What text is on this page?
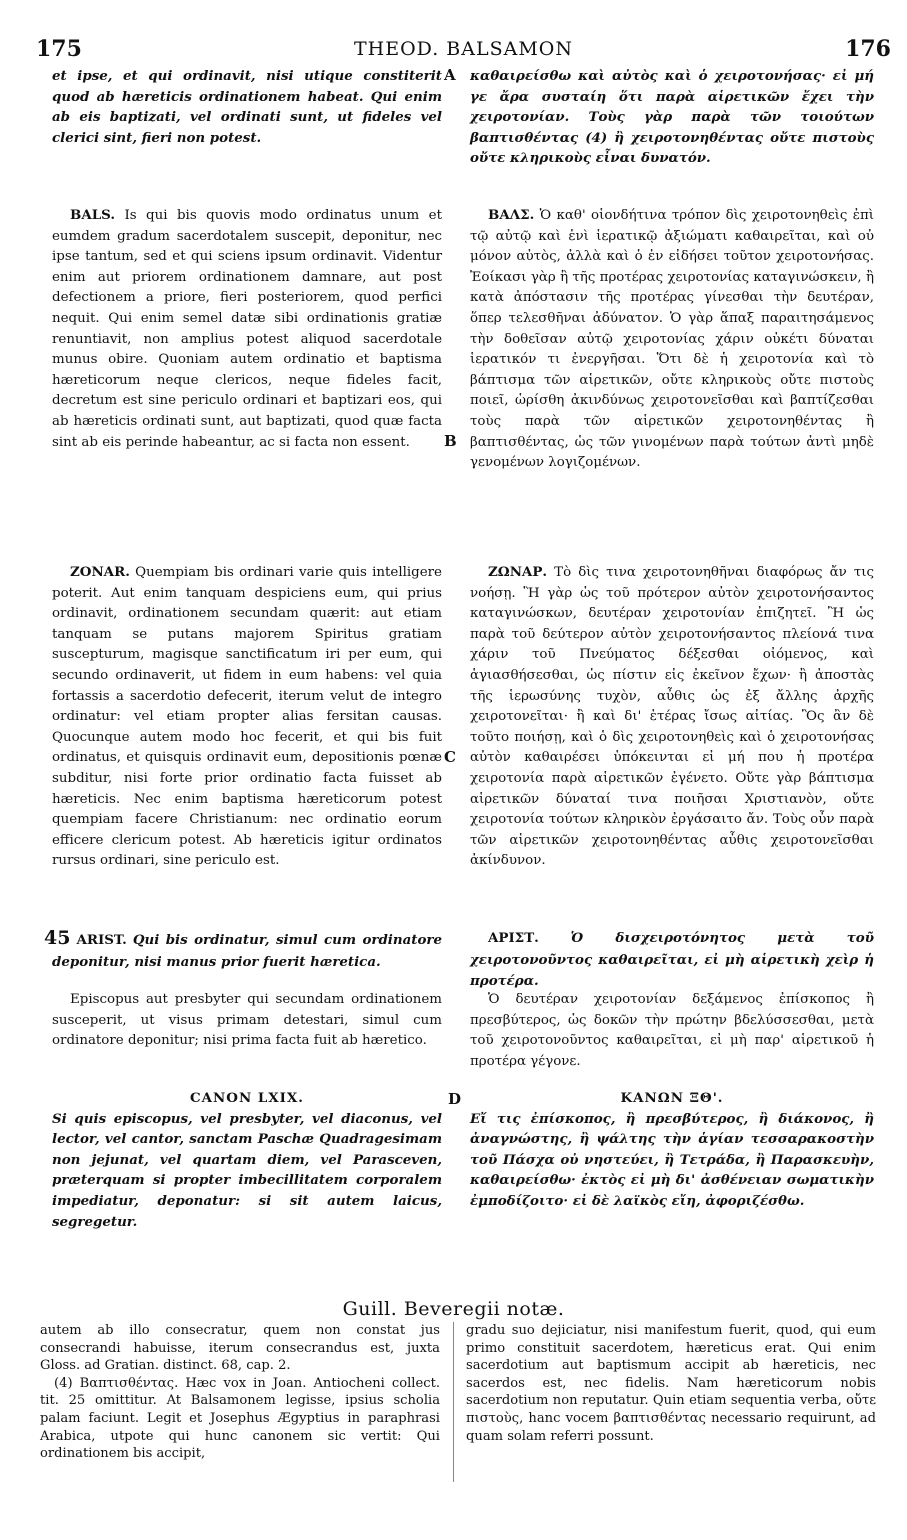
175	THEOD. BALSAMON	176
A
B
C
D

et ipse, et qui ordinavit, nisi utique constiterit quod ab hæreticis ordinationem habeat. Qui enim ab eis baptizati, vel ordinati sunt, ut fideles vel clerici sint, fieri non potest.

BALS. Is qui bis quovis modo ordinatus unum et eumdem gradum sacerdotalem suscepit, deponitur, nec ipse tantum, sed et qui sciens ipsum ordinavit. Videntur enim aut priorem ordinationem damnare, aut post defectionem a priore, fieri posteriorem, quod perfici nequit. Qui enim semel datæ sibi ordinationis gratiæ renuntiavit, non amplius potest aliquod sacerdotale munus obire. Quoniam autem ordinatio et baptisma hæreticorum neque clericos, neque fideles facit, decretum est sine periculo ordinari et baptizari eos, qui ab hæreticis ordinati sunt, aut baptizati, quod quæ facta sint ab eis perinde habeantur, ac si facta non essent.

ZONAR. Quempiam bis ordinari varie quis intelligere poterit. Aut enim tanquam despiciens eum, qui prius ordinavit, ordinationem secundam quærit: aut etiam tanquam se putans majorem Spiritus gratiam suscepturum, magisque sanctificatum iri per eum, qui secundo ordinaverit, ut fidem in eum habens: vel quia fortassis a sacerdotio defecerit, iterum velut de integro ordinatur: vel etiam propter alias fersitan causas. Quocunque autem modo hoc fecerit, et qui bis fuit ordinatus, et quisquis ordinavit eum, depositionis pœnæ subditur, nisi forte prior ordinatio facta fuisset ab hæreticis. Nec enim baptisma hæreticorum potest quempiam facere Christianum: nec ordinatio eorum efficere clericum potest. Ab hæreticis igitur ordinatos rursus ordinari, sine periculo est.

45 ARIST. Qui bis ordinatur, simul cum ordinatore deponitur, nisi manus prior fuerit hæretica.

Episcopus aut presbyter qui secundam ordinationem susceperit, ut visus primam detestari, simul cum ordinatore deponitur; nisi prima facta fuit ab hæretico.

CANON LXIX.

Si quis episcopus, vel presbyter, vel diaconus, vel lector, vel cantor, sanctam Paschæ Quadragesimam non jejunat, vel quartam diem, vel Parasceven, præterquam si propter imbecillitatem corporalem impediatur, deponatur: si sit autem laicus, segregetur.

καθαιρείσθω καὶ αὐτὸς καὶ ὁ χειροτονήσας· εἰ μή γε ἄρα συσταίη ὅτι παρὰ αἱρετικῶν ἔχει τὴν χειροτονίαν. Τοὺς γὰρ παρὰ τῶν τοιούτων βαπτισθέντας (4) ἢ χειροτονηθέντας οὔτε πιστοὺς οὔτε κληρικοὺς εἶναι δυνατόν.

ΒΑΛΣ. Ὁ καθ' οἱονδήτινα τρόπον δὶς χειροτονηθεὶς ἐπὶ τῷ αὐτῷ καὶ ἑνὶ ἱερατικῷ ἀξιώματι καθαιρεῖται, καὶ οὐ μόνον αὐτὸς, ἀλλὰ καὶ ὁ ἐν εἰδήσει τοῦτον χειροτονήσας. Ἐοίκασι γὰρ ἢ τῆς προτέρας χειροτονίας καταγινώσκειν, ἢ κατὰ ἀπόστασιν τῆς προτέρας γίνεσθαι τὴν δευτέραν, ὅπερ τελεσθῆναι ἀδύνατον. Ὁ γὰρ ἅπαξ παραιτησάμενος τὴν δοθεῖσαν αὐτῷ χειροτονίας χάριν οὐκέτι δύναται ἱερατικόν τι ἐνεργῆσαι. Ὅτι δὲ ἡ χειροτονία καὶ τὸ βάπτισμα τῶν αἱρετικῶν, οὔτε κληρικοὺς οὔτε πιστοὺς ποιεῖ, ὡρίσθη ἀκινδύνως χειροτονεῖσθαι καὶ βαπτίζεσθαι τοὺς παρὰ τῶν αἱρετικῶν χειροτονηθέντας ἢ βαπτισθέντας, ὡς τῶν γινομένων παρὰ τούτων ἀντὶ μηδὲ γενομένων λογιζομένων.

ΖΩΝΑΡ. Τὸ δὶς τινα χειροτονηθῆναι διαφόρως ἄν τις νοήσῃ. Ἢ γὰρ ὡς τοῦ πρότερον αὐτὸν χειροτονήσαντος καταγινώσκων, δευτέραν χειροτονίαν ἐπιζητεῖ. Ἢ ὡς παρὰ τοῦ δεύτερον αὐτὸν χειροτονήσαντος πλείονά τινα χάριν τοῦ Πνεύματος δέξεσθαι οἰόμενος, καὶ ἁγιασθήσεσθαι, ὡς πίστιν εἰς ἐκεῖνον ἔχων· ἢ ἀποστὰς τῆς ἱερωσύνης τυχὸν, αὖθις ὡς ἐξ ἄλλης ἀρχῆς χειροτονεῖται· ἢ καὶ δι' ἑτέρας ἴσως αἰτίας. Ὃς ἂν δὲ τοῦτο ποιήσῃ, καὶ ὁ δὶς χειροτονηθεὶς καὶ ὁ χειροτονήσας αὐτὸν καθαιρέσει ὑπόκεινται εἰ μή που ἡ προτέρα χειροτονία παρὰ αἱρετικῶν ἐγένετο. Οὔτε γὰρ βάπτισμα αἱρετικῶν δύναταί τινα ποιῆσαι Χριστιανὸν, οὔτε χειροτονία τούτων κληρικὸν ἐργάσαιτο ἄν. Τοὺς οὖν παρὰ τῶν αἱρετικῶν χειροτονηθέντας αὖθις χειροτονεῖσθαι ἀκίνδυνον.

ΑΡΙΣΤ. Ὁ δισχειροτόνητος μετὰ τοῦ χειροτονοῦντος καθαιρεῖται, εἰ μὴ αἱρετικὴ χεὶρ ἡ προτέρα.

Ὁ δευτέραν χειροτονίαν δεξάμενος ἐπίσκοπος ἢ πρεσβύτερος, ὡς δοκῶν τὴν πρώτην βδελύσσεσθαι, μετὰ τοῦ χειροτονοῦντος καθαιρεῖται, εἰ μὴ παρ' αἱρετικοῦ ἡ προτέρα γέγονε.

ΚΑΝΩΝ ΞΘ'.

Εἴ τις ἐπίσκοπος, ἢ πρεσβύτερος, ἢ διάκονος, ἢ ἀναγνώστης, ἢ ψάλτης τὴν ἁγίαν τεσσαρακοστὴν τοῦ Πάσχα οὐ νηστεύει, ἢ Τετράδα, ἢ Παρασκευὴν, καθαιρείσθω· ἐκτὸς εἰ μὴ δι' ἀσθένειαν σωματικὴν ἐμποδίζοιτο· εἰ δὲ λαϊκὸς εἴη, ἀφοριζέσθω.

Guill. Beveregii notæ.

autem ab illo consecratur, quem non constat jus consecrandi habuisse, iterum consecrandus est, juxta Gloss. ad Gratian. distinct. 68, cap. 2.

(4) Βαπτισθέντας. Hæc vox in Joan. Antiocheni collect. tit. 25 omittitur. At Balsamonem legisse, ipsius scholia palam faciunt. Legit et Josephus Ægyptius in paraphrasi Arabica, utpote qui hunc canonem sic vertit: Qui ordinationem bis accipit,

gradu suo dejiciatur, nisi manifestum fuerit, quod, qui eum primo constituit sacerdotem, hæreticus erat. Qui enim sacerdotium aut baptismum accipit ab hæreticis, nec sacerdos est, nec fidelis. Nam hæreticorum nobis sacerdotium non reputatur. Quin etiam sequentia verba, οὔτε πιστοὺς, hanc vocem βαπτισθέντας necessario requirunt, ad quam solam referri possunt.
